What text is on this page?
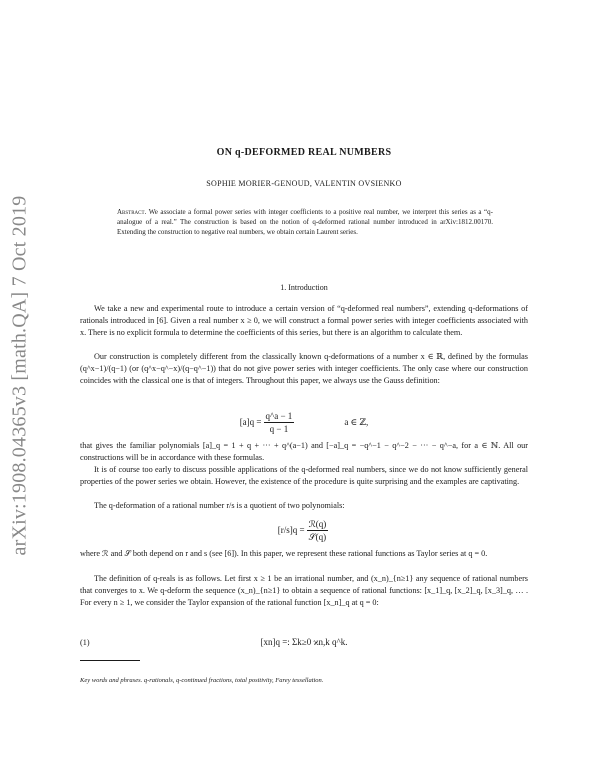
arXiv:1908.04365v3 [math.QA] 7 Oct 2019
ON q-DEFORMED REAL NUMBERS
SOPHIE MORIER-GENOUD, VALENTIN OVSIENKO

Abstract. We associate a formal power series with integer coefficients to a positive real number, we interpret this series as a “q-analogue of a real.” The construction is based on the notion of q-deformed rational number introduced in arXiv:1812.00170. Extending the construction to negative real numbers, we obtain certain Laurent series.

1. Introduction

We take a new and experimental route to introduce a certain version of “q-deformed real numbers”, extending q-deformations of rationals introduced in [6]. Given a real number x ≥ 0, we will construct a formal power series with integer coefficients associated with x. There is no explicit formula to determine the coefficients of this series, but there is an algorithm to calculate them.

Our construction is completely different from the classically known q-deformations of a number x ∈ ℝ, defined by the formulas (q^x−1)/(q−1) (or (q^x−q^−x)/(q−q^−1)) that do not give power series with integer coefficients. The only case where our construction coincides with the classical one is that of integers. Throughout this paper, we always use the Gauss definition:

$[a]q = \frac{q\^{}a - 1}{q - 1}$	a ∈ ℤ,

that gives the familiar polynomials [a]_q = 1 + q + ··· + q^(a−1) and [−a]_q = −q^−1 − q^−2 − ··· − q^−a, for a ∈ ℕ. All our constructions will be in accordance with these formulas.

It is of course too early to discuss possible applications of the q-deformed real numbers, since we do not know sufficiently general properties of the power series we obtain. However, the existence of the procedure is quite surprising and the examples are captivating.

The q-deformation of a rational number r/s is a quotient of two polynomials:

$[r/s]q = \frac{\text{ℛ(q)}}{\text{𝒮(q)}}$

where ℛ and 𝒮 both depend on r and s (see [6]). In this paper, we represent these rational functions as Taylor series at q = 0.

The definition of q-reals is as follows. Let first x ≥ 1 be an irrational number, and (x_n)_{n≥1} any sequence of rational numbers that converges to x. We q-deform the sequence (x_n)_{n≥1} to obtain a sequence of rational functions: [x_1]_q, [x_2]_q, [x_3]_q, … . For every n ≥ 1, we consider the Taylor expansion of the rational function [x_n]_q at q = 0:

(1)	[xn]q =: Σk≥0 ϰn,k q^k.

Key words and phrases. q-rationals, q-continued fractions, total positivity, Farey tessellation.
